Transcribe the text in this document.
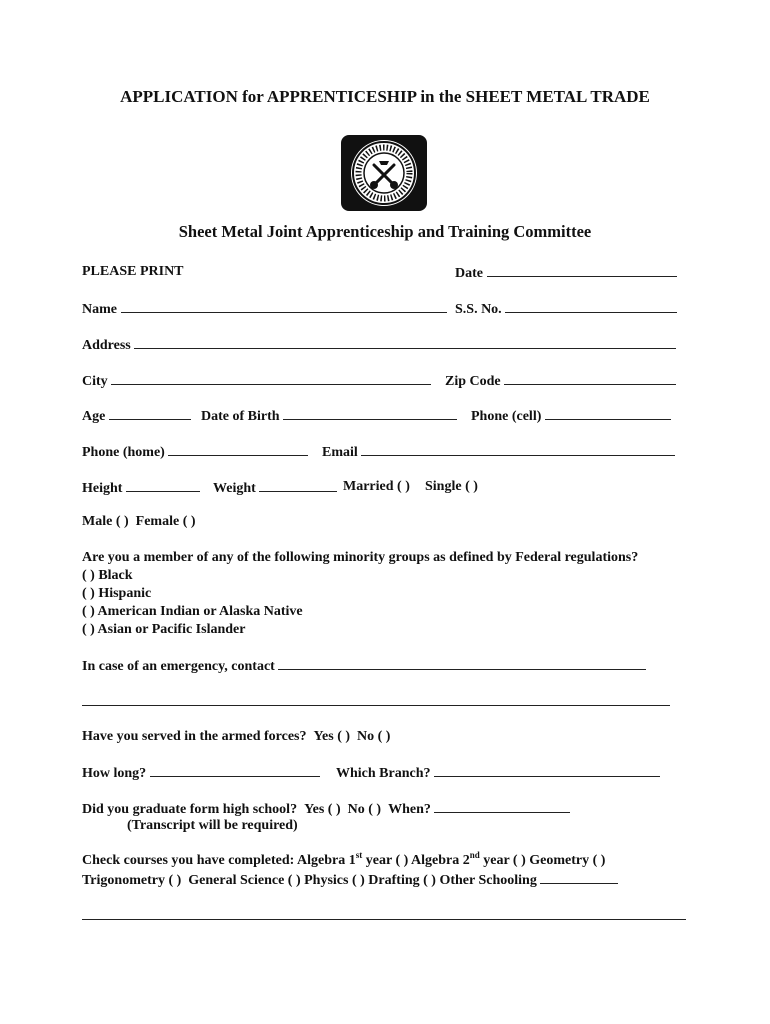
APPLICATION for APPRENTICESHIP in the SHEET METAL TRADE
Sheet Metal Joint Apprenticeship and Training Committee
PLEASE PRINT	Date
Name	S.S. No.
Address
City	Zip Code
Age	Date of Birth	Phone (cell)
Phone (home)	Email
Height	Weight	Married ( ) Single ( )
Male ( ) Female ( )
Are you a member of any of the following minority groups as defined by Federal regulations?
( ) Black
( ) Hispanic
( ) American Indian or Alaska Native
( ) Asian or Pacific Islander
In case of an emergency, contact
Have you served in the armed forces? Yes ( ) No ( )
How long?	Which Branch?
Did you graduate form high school? Yes ( ) No ( ) When?
(Transcript will be required)
Check courses you have completed: Algebra 1st year ( ) Algebra 2nd year ( ) Geometry ( )
Trigonometry ( ) General Science ( ) Physics ( ) Drafting ( ) Other Schooling
